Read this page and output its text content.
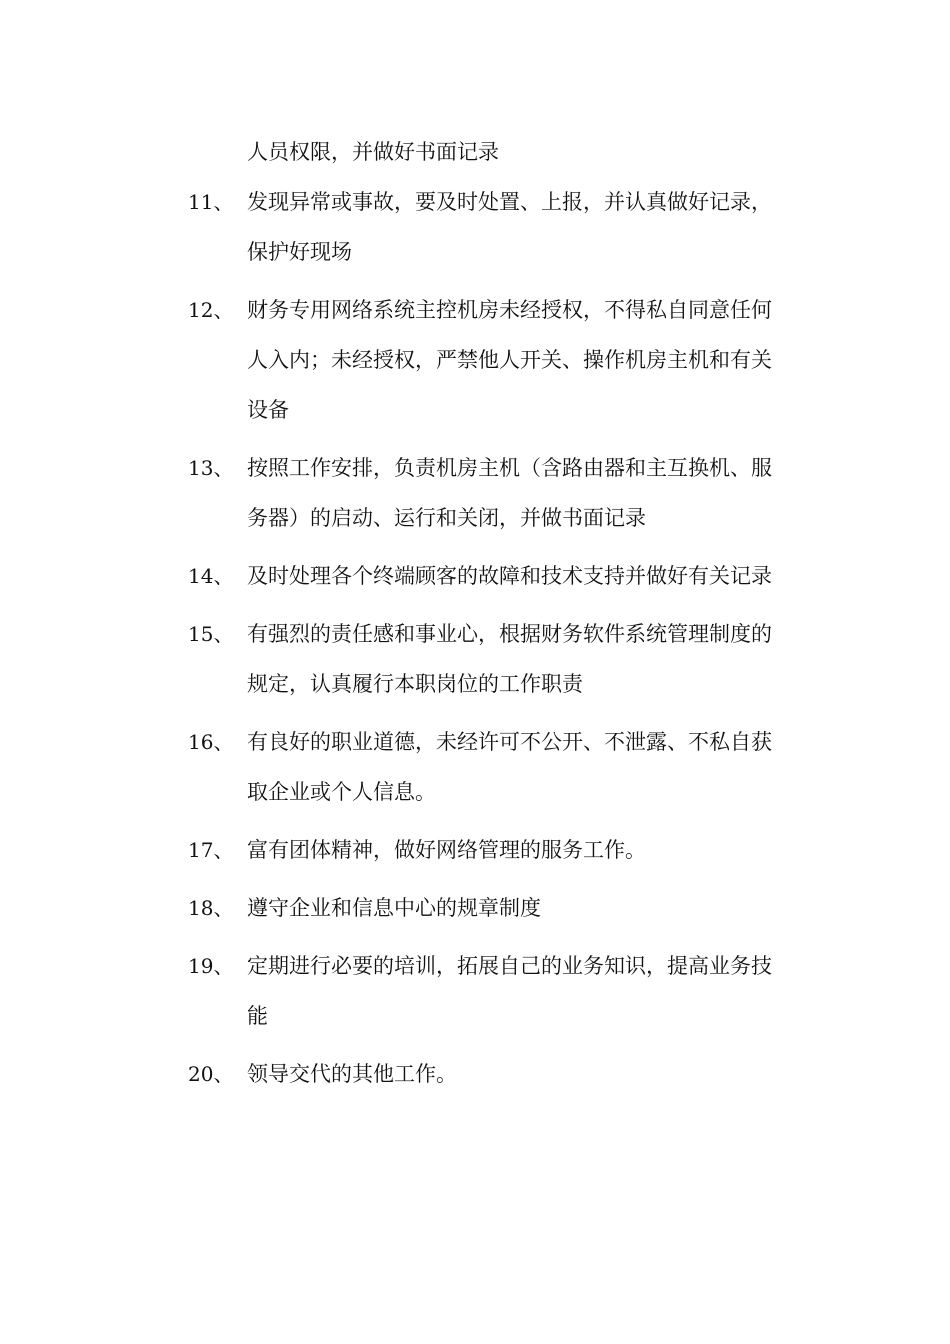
人员权限，并做好书面记录
11、 发现异常或事故，要及时处置、上报，并认真做好记录，
保护好现场
12、 财务专用网络系统主控机房未经授权，不得私自同意任何
人入内；未经授权，严禁他人开关、操作机房主机和有关
设备
13、 按照工作安排，负责机房主机（含路由器和主互换机、服
务器）的启动、运行和关闭，并做书面记录
14、 及时处理各个终端顾客的故障和技术支持并做好有关记录
15、 有强烈的责任感和事业心，根据财务软件系统管理制度的
规定，认真履行本职岗位的工作职责
16、 有良好的职业道德，未经许可不公开、不泄露、不私自获
取企业或个人信息。
17、 富有团体精神，做好网络管理的服务工作。
18、 遵守企业和信息中心的规章制度
19、 定期进行必要的培训，拓展自己的业务知识，提高业务技
能
20、 领导交代的其他工作。
